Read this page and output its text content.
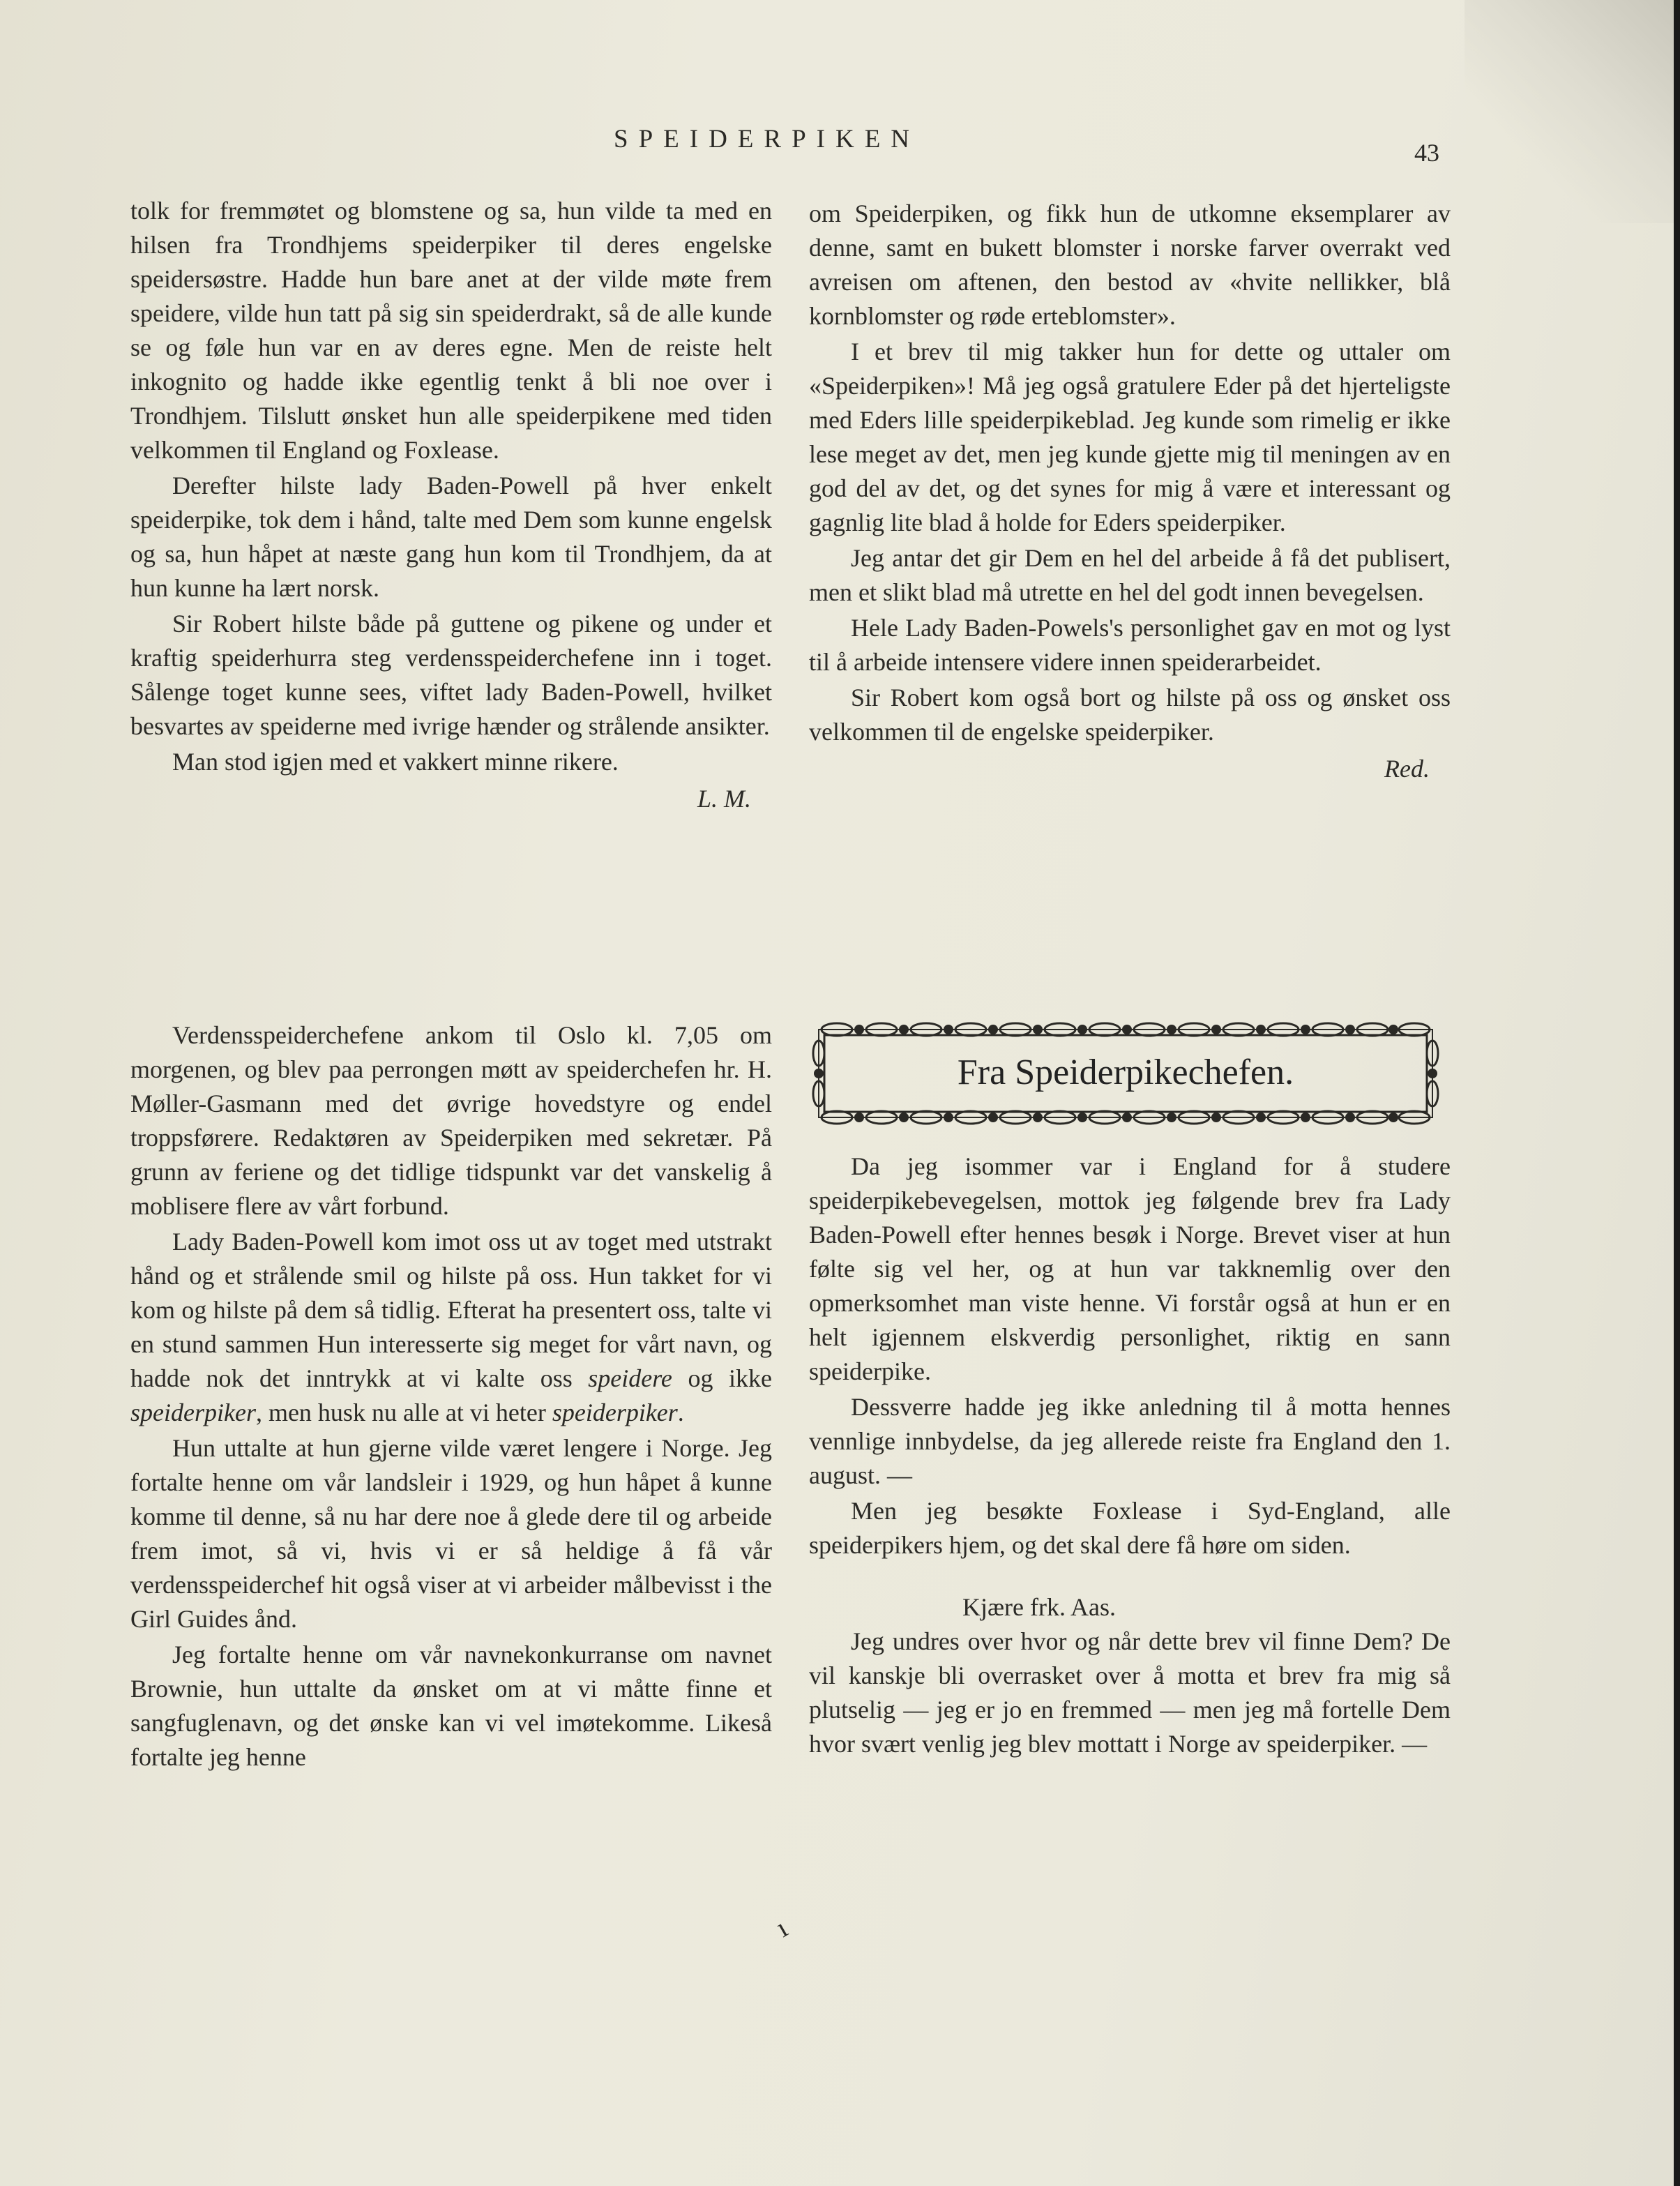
SPEIDERPIKEN	43

tolk for fremmøtet og blomstene og sa, hun vilde ta med en hilsen fra Trondhjems speiderpiker til deres engelske speidersøstre. Hadde hun bare anet at der vilde møte frem speidere, vilde hun tatt på sig sin speiderdrakt, så de alle kunde se og føle hun var en av deres egne. Men de reiste helt inkognito og hadde ikke egentlig tenkt å bli noe over i Trondhjem. Tilslutt ønsket hun alle speiderpikene med tiden velkommen til England og Foxlease.

Derefter hilste lady Baden-Powell på hver enkelt speiderpike, tok dem i hånd, talte med Dem som kunne engelsk og sa, hun håpet at næste gang hun kom til Trondhjem, da at hun kunne ha lært norsk.

Sir Robert hilste både på guttene og pikene og under et kraftig speiderhurra steg verdensspeiderchefene inn i toget. Sålenge toget kunne sees, viftet lady Baden-Powell, hvilket besvartes av speiderne med ivrige hænder og strålende ansikter.

Man stod igjen med et vakkert minne rikere.

L. M.

Verdensspeiderchefene ankom til Oslo kl. 7,05 om morgenen, og blev paa perrongen møtt av speiderchefen hr. H. Møller-Gasmann med det øvrige hovedstyre og endel troppsførere. Redaktøren av Speiderpiken med sekretær. På grunn av feriene og det tidlige tidspunkt var det vanskelig å moblisere flere av vårt forbund.

Lady Baden-Powell kom imot oss ut av toget med utstrakt hånd og et strålende smil og hilste på oss. Hun takket for vi kom og hilste på dem så tidlig. Efterat ha presentert oss, talte vi en stund sammen Hun interesserte sig meget for vårt navn, og hadde nok det inntrykk at vi kalte oss speidere og ikke speiderpiker, men husk nu alle at vi heter speiderpiker.

Hun uttalte at hun gjerne vilde været lengere i Norge. Jeg fortalte henne om vår landsleir i 1929, og hun håpet å kunne komme til denne, så nu har dere noe å glede dere til og arbeide frem imot, så vi, hvis vi er så heldige å få vår verdensspeiderchef hit også viser at vi arbeider målbevisst i the Girl Guides ånd.

Jeg fortalte henne om vår navnekonkurranse om navnet Brownie, hun uttalte da ønsket om at vi måtte finne et sangfuglenavn, og det ønske kan vi vel imøtekomme. Likeså fortalte jeg henne

om Speiderpiken, og fikk hun de utkomne eksemplarer av denne, samt en bukett blomster i norske farver overrakt ved avreisen om aftenen, den bestod av «hvite nellikker, blå kornblomster og røde erteblomster».

I et brev til mig takker hun for dette og uttaler om «Speiderpiken»! Må jeg også gratulere Eder på det hjerteligste med Eders lille speiderpikeblad. Jeg kunde som rimelig er ikke lese meget av det, men jeg kunde gjette mig til meningen av en god del av det, og det synes for mig å være et interessant og gagnlig lite blad å holde for Eders speiderpiker.

Jeg antar det gir Dem en hel del arbeide å få det publisert, men et slikt blad må utrette en hel del godt innen bevegelsen.

Hele Lady Baden-Powels's personlighet gav en mot og lyst til å arbeide intensere videre innen speiderarbeidet.

Sir Robert kom også bort og hilste på oss og ønsket oss velkommen til de engelske speiderpiker.

Red.

Fra Speiderpikechefen.

Da jeg isommer var i England for å studere speiderpikebevegelsen, mottok jeg følgende brev fra Lady Baden-Powell efter hennes besøk i Norge. Brevet viser at hun følte sig vel her, og at hun var takknemlig over den opmerksomhet man viste henne. Vi forstår også at hun er en helt igjennem elskverdig personlighet, riktig en sann speiderpike.

Dessverre hadde jeg ikke anledning til å motta hennes vennlige innbydelse, da jeg allerede reiste fra England den 1. august. —

Men jeg besøkte Foxlease i Syd-England, alle speiderpikers hjem, og det skal dere få høre om siden.

Kjære frk. Aas.

Jeg undres over hvor og når dette brev vil finne Dem? De vil kanskje bli overrasket over å motta et brev fra mig så plutselig — jeg er jo en fremmed — men jeg må fortelle Dem hvor svært venlig jeg blev mottatt i Norge av speiderpiker. —

ı
